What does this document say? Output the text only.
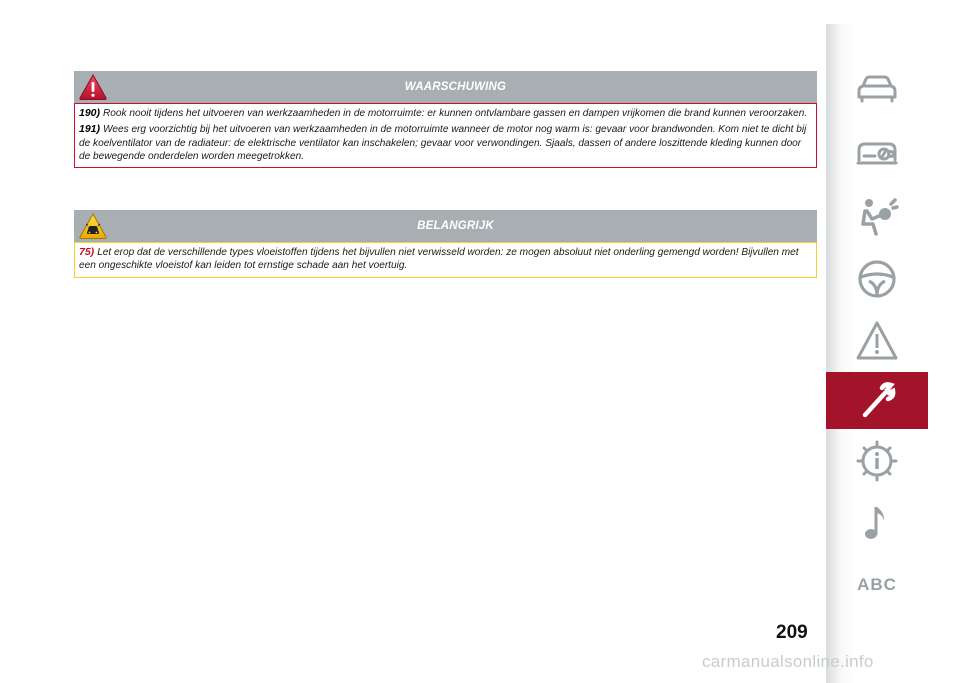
WAARSCHUWING

190) Rook nooit tijdens het uitvoeren van werkzaamheden in de motorruimte: er kunnen ontvlambare gassen en dampen vrijkomen die brand kunnen veroorzaken.

191) Wees erg voorzichtig bij het uitvoeren van werkzaamheden in de motorruimte wanneer de motor nog warm is: gevaar voor brandwonden. Kom niet te dicht bij de koelventilator van de radiateur: de elektrische ventilator kan inschakelen; gevaar voor verwondingen. Sjaals, dassen of andere loszittende kleding kunnen door de bewegende onderdelen worden meegetrokken.

BELANGRIJK

75) Let erop dat de verschillende types vloeistoffen tijdens het bijvullen niet verwisseld worden: ze mogen absoluut niet onderling gemengd worden! Bijvullen met een ongeschikte vloeistof kan leiden tot ernstige schade aan het voertuig.

ABC
209
carmanualsonline.info
